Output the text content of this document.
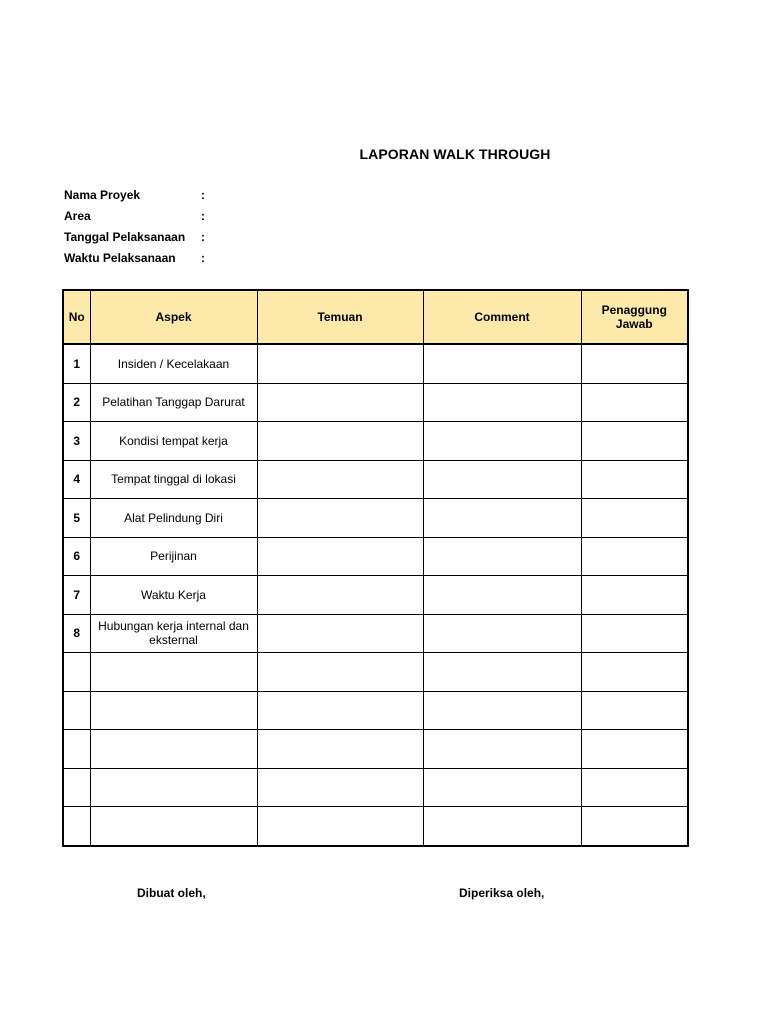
LAPORAN WALK THROUGH
Nama Proyek	:
Area	:
Tanggal Pelaksanaan :
Waktu Pelaksanaan :
No	Aspek	Temuan	Comment	Penaggung Jawab
1	Insiden / Kecelakaan			
2	Pelatihan Tanggap Darurat			
3	Kondisi tempat kerja			
4	Tempat tinggal di lokasi			
5	Alat Pelindung Diri			
6	Perijinan			
7	Waktu Kerja			
8	Hubungan kerja internal dan eksternal			

Dibuat oleh,	Diperiksa oleh,
